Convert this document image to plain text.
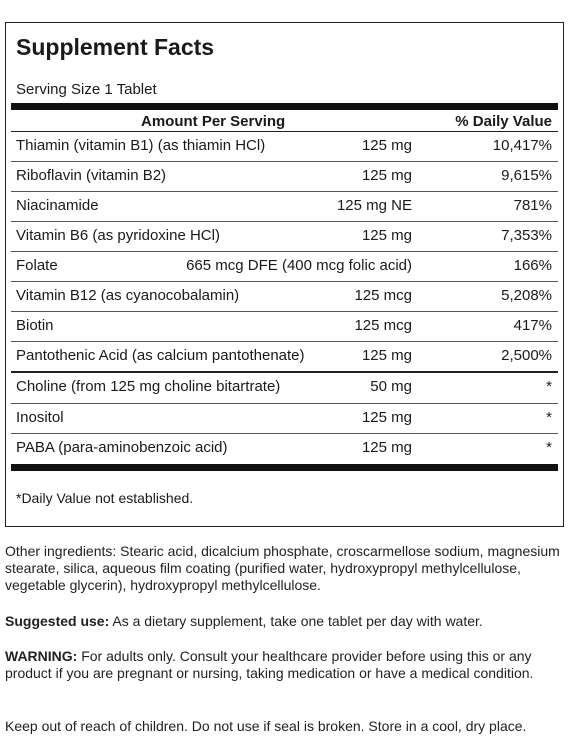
Supplement Facts
Serving Size 1 Tablet
Amount Per Serving	% Daily Value
Thiamin (vitamin B1) (as thiamin HCl)	125 mg	10,417%
Riboflavin (vitamin B2)	125 mg	9,615%
Niacinamide	125 mg NE	781%
Vitamin B6 (as pyridoxine HCl)	125 mg	7,353%
Folate	665 mcg DFE (400 mcg folic acid)	166%
Vitamin B12 (as cyanocobalamin)	125 mcg	5,208%
Biotin	125 mcg	417%
Pantothenic Acid (as calcium pantothenate)	125 mg	2,500%
Choline (from 125 mg choline bitartrate)	50 mg	*
Inositol	125 mg	*
PABA (para-aminobenzoic acid)	125 mg	*
*Daily Value not established.
Other ingredients: Stearic acid, dicalcium phosphate, croscarmellose sodium, magnesium stearate, silica, aqueous film coating (purified water, hydroxypropyl methylcellulose, vegetable glycerin), hydroxypropyl methylcellulose.
Suggested use: As a dietary supplement, take one tablet per day with water.
WARNING: For adults only. Consult your healthcare provider before using this or any product if you are pregnant or nursing, taking medication or have a medical condition.
Keep out of reach of children. Do not use if seal is broken. Store in a cool, dry place.
